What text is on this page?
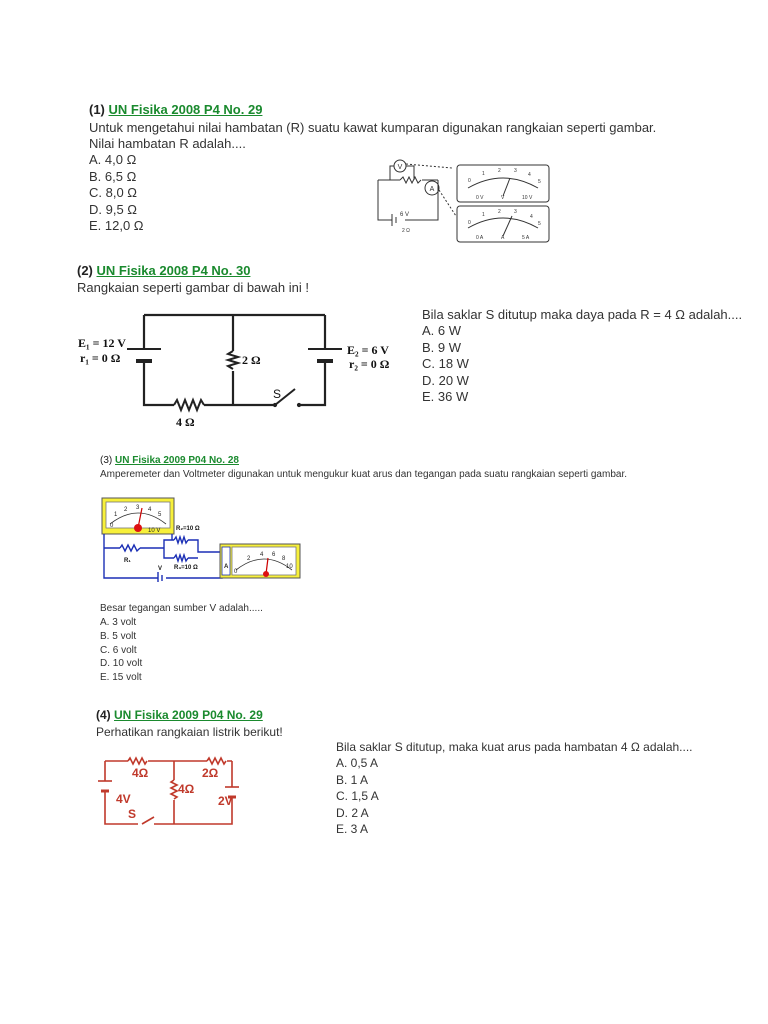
(1) UN Fisika 2008 P4 No. 29
Untuk mengetahui nilai hambatan (R) suatu kawat kumparan digunakan rangkaian seperti gambar.
Nilai hambatan R adalah....
A. 4,0 Ω
B. 6,5 Ω
C. 8,0 Ω
D. 9,5 Ω
E. 12,0 Ω
V
A
6 V
2 Ω
0
1	2	3
4
5
0 V	V	10 V
0
1	2	3
4
5
0 A	A	5 A
(2) UN Fisika 2008 P4 No. 30
Rangkaian seperti gambar di bawah ini !
Bila saklar S ditutup maka daya pada R = 4 Ω adalah....
A. 6 W
B. 9 W
C. 18 W
D. 20 W
E. 36 W
E₁ = 12 V
r₁ = 0 Ω
E₂ = 6 V
r₂ = 0 Ω
2 Ω
4 Ω
S
(3) UN Fisika 2009 P04 No. 28
Amperemeter dan Voltmeter digunakan untuk mengukur kuat arus dan tegangan pada suatu rangkaian seperti gambar.
0
10 V
1
2 3 4
5
A
0
2
4 6
8
10
R₁
R₂=10 Ω
R₃=10 Ω
V
Besar tegangan sumber V adalah.....
A. 3 volt
B. 5 volt
C. 6 volt
D. 10 volt
E. 15 volt
(4) UN Fisika 2009 P04 No. 29
Perhatikan rangkaian listrik berikut!
Bila saklar S ditutup, maka kuat arus pada hambatan 4 Ω adalah....
A. 0,5 A
B. 1 A
C. 1,5 A
D. 2 A
E. 3 A
4Ω	2Ω
4Ω
4V	2V
S
